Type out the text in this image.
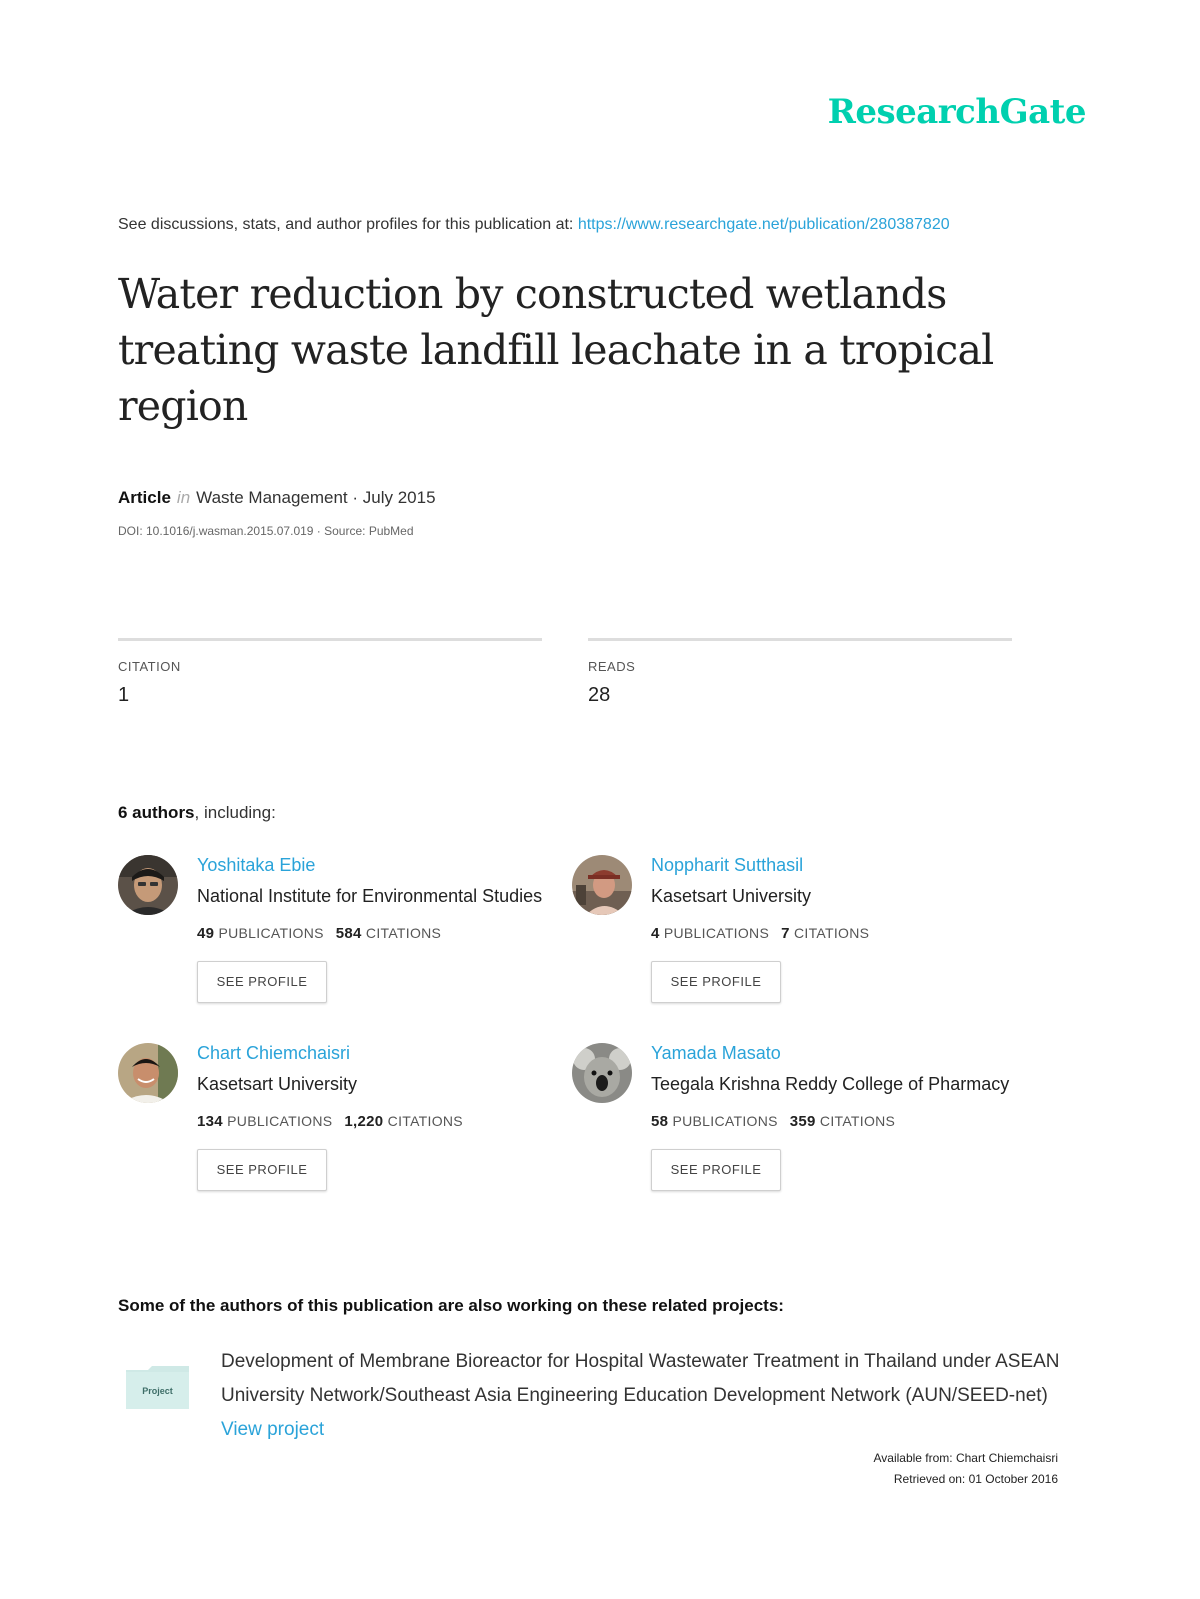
ResearchGate
See discussions, stats, and author profiles for this publication at: https://www.researchgate.net/publication/280387820
Water reduction by constructed wetlands treating waste landfill leachate in a tropical region
Article in Waste Management · July 2015
DOI: 10.1016/j.wasman.2015.07.019 · Source: PubMed
CITATION
1
READS
28
6 authors, including:
Yoshitaka Ebie
National Institute for Environmental Studies
49 PUBLICATIONS 584 CITATIONS
SEE PROFILE
Noppharit Sutthasil
Kasetsart University
4 PUBLICATIONS 7 CITATIONS
SEE PROFILE
Chart Chiemchaisri
Kasetsart University
134 PUBLICATIONS 1,220 CITATIONS
SEE PROFILE
Yamada Masato
Teegala Krishna Reddy College of Pharmacy
58 PUBLICATIONS 359 CITATIONS
SEE PROFILE
Some of the authors of this publication are also working on these related projects:
Project
Development of Membrane Bioreactor for Hospital Wastewater Treatment in Thailand under ASEAN University Network/Southeast Asia Engineering Education Development Network (AUN/SEED-net) View project
Available from: Chart Chiemchaisri
Retrieved on: 01 October 2016
